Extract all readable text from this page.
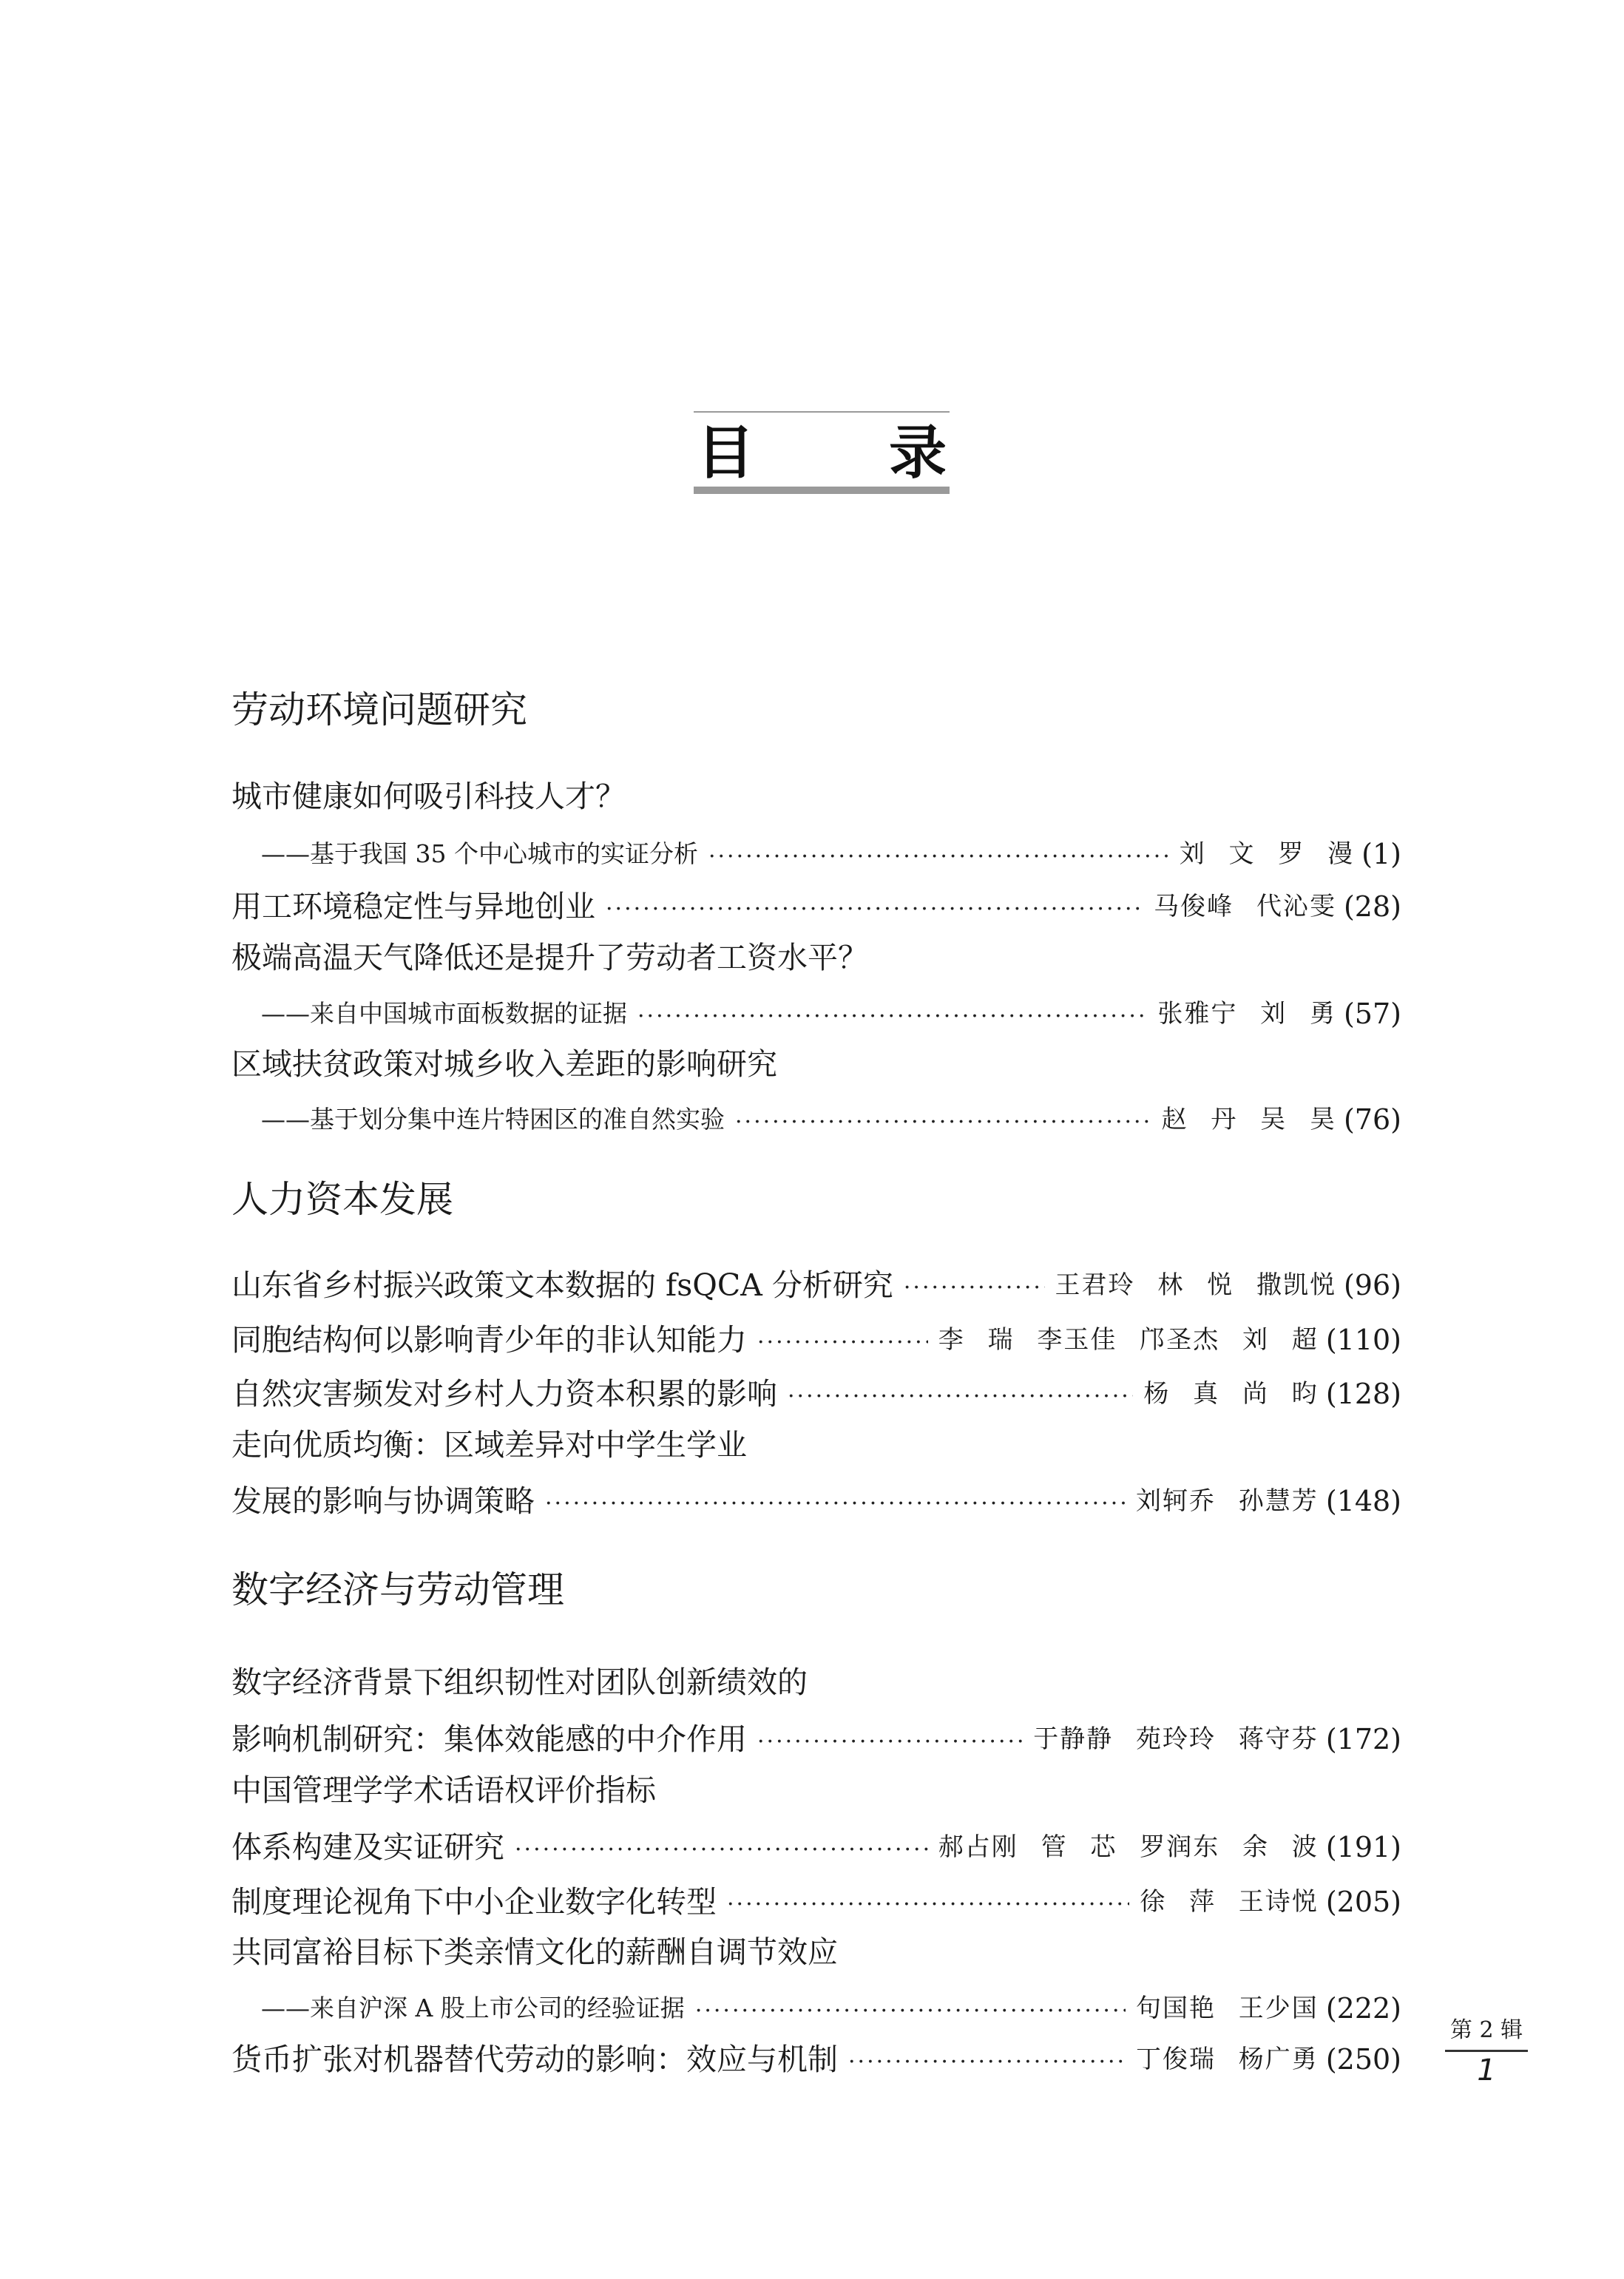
目 录
劳动环境问题研究
城市健康如何吸引科技人才？
——基于我国 35 个中心城市的实证分析 ·····	刘 文 罗 漫 (1)
用工环境稳定性与异地创业 ·····	马俊峰 代沁雯 (28)
极端高温天气降低还是提升了劳动者工资水平？
——来自中国城市面板数据的证据 ·····	张雅宁 刘 勇 (57)
区域扶贫政策对城乡收入差距的影响研究
——基于划分集中连片特困区的准自然实验 ·····	赵 丹 吴 昊 (76)
人力资本发展
山东省乡村振兴政策文本数据的 fsQCA 分析研究 ·····	王君玲 林 悦 撒凯悦 (96)
同胞结构何以影响青少年的非认知能力 ·····	李 瑞 李玉佳 邝圣杰 刘 超 (110)
自然灾害频发对乡村人力资本积累的影响 ·····	杨 真 尚 昀 (128)
走向优质均衡：区域差异对中学生学业
发展的影响与协调策略 ·····	刘轲乔 孙慧芳 (148)
数字经济与劳动管理
数字经济背景下组织韧性对团队创新绩效的
影响机制研究：集体效能感的中介作用 ·····	于静静 苑玲玲 蒋守芬 (172)
中国管理学学术话语权评价指标
体系构建及实证研究 ·····	郝占刚 管 芯 罗润东 余 波 (191)
制度理论视角下中小企业数字化转型 ·····	徐 萍 王诗悦 (205)
共同富裕目标下类亲情文化的薪酬自调节效应
——来自沪深 A 股上市公司的经验证据 ·····	句国艳 王少国 (222)
货币扩张对机器替代劳动的影响：效应与机制 ·····	丁俊瑞 杨广勇 (250)
第 2 辑
1
